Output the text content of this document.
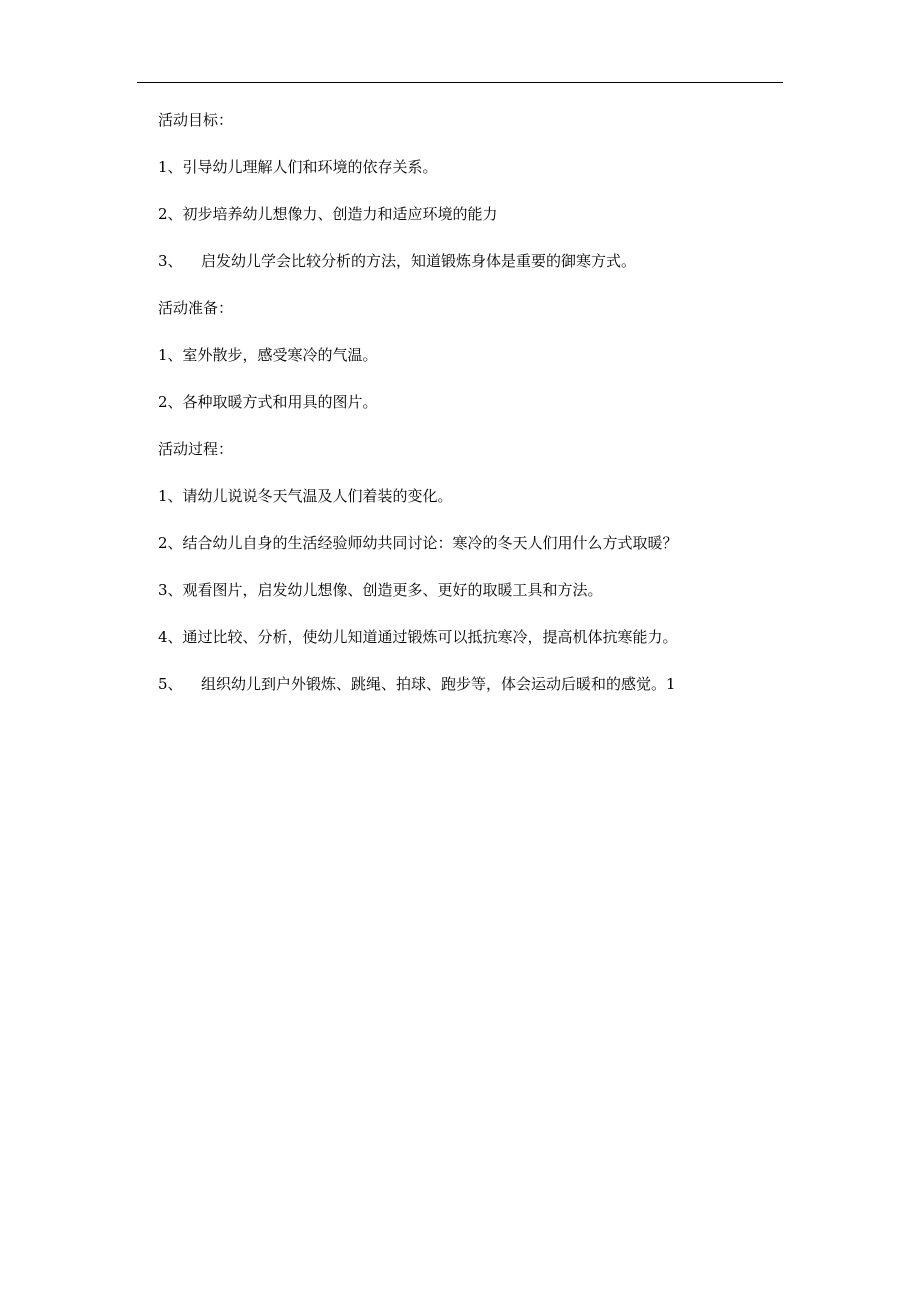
活动目标：
1、引导幼儿理解人们和环境的依存关系。
2、初步培养幼儿想像力、创造力和适应环境的能力
3、 启发幼儿学会比较分析的方法，知道锻炼身体是重要的御寒方式。
活动准备：
1、室外散步，感受寒冷的气温。
2、各种取暖方式和用具的图片。
活动过程：
1、请幼儿说说冬天气温及人们着装的变化。
2、结合幼儿自身的生活经验师幼共同讨论：寒冷的冬天人们用什么方式取暖？
3、观看图片，启发幼儿想像、创造更多、更好的取暖工具和方法。
4、通过比较、分析，使幼儿知道通过锻炼可以抵抗寒冷，提高机体抗寒能力。
5、 组织幼儿到户外锻炼、跳绳、拍球、跑步等，体会运动后暖和的感觉。1
